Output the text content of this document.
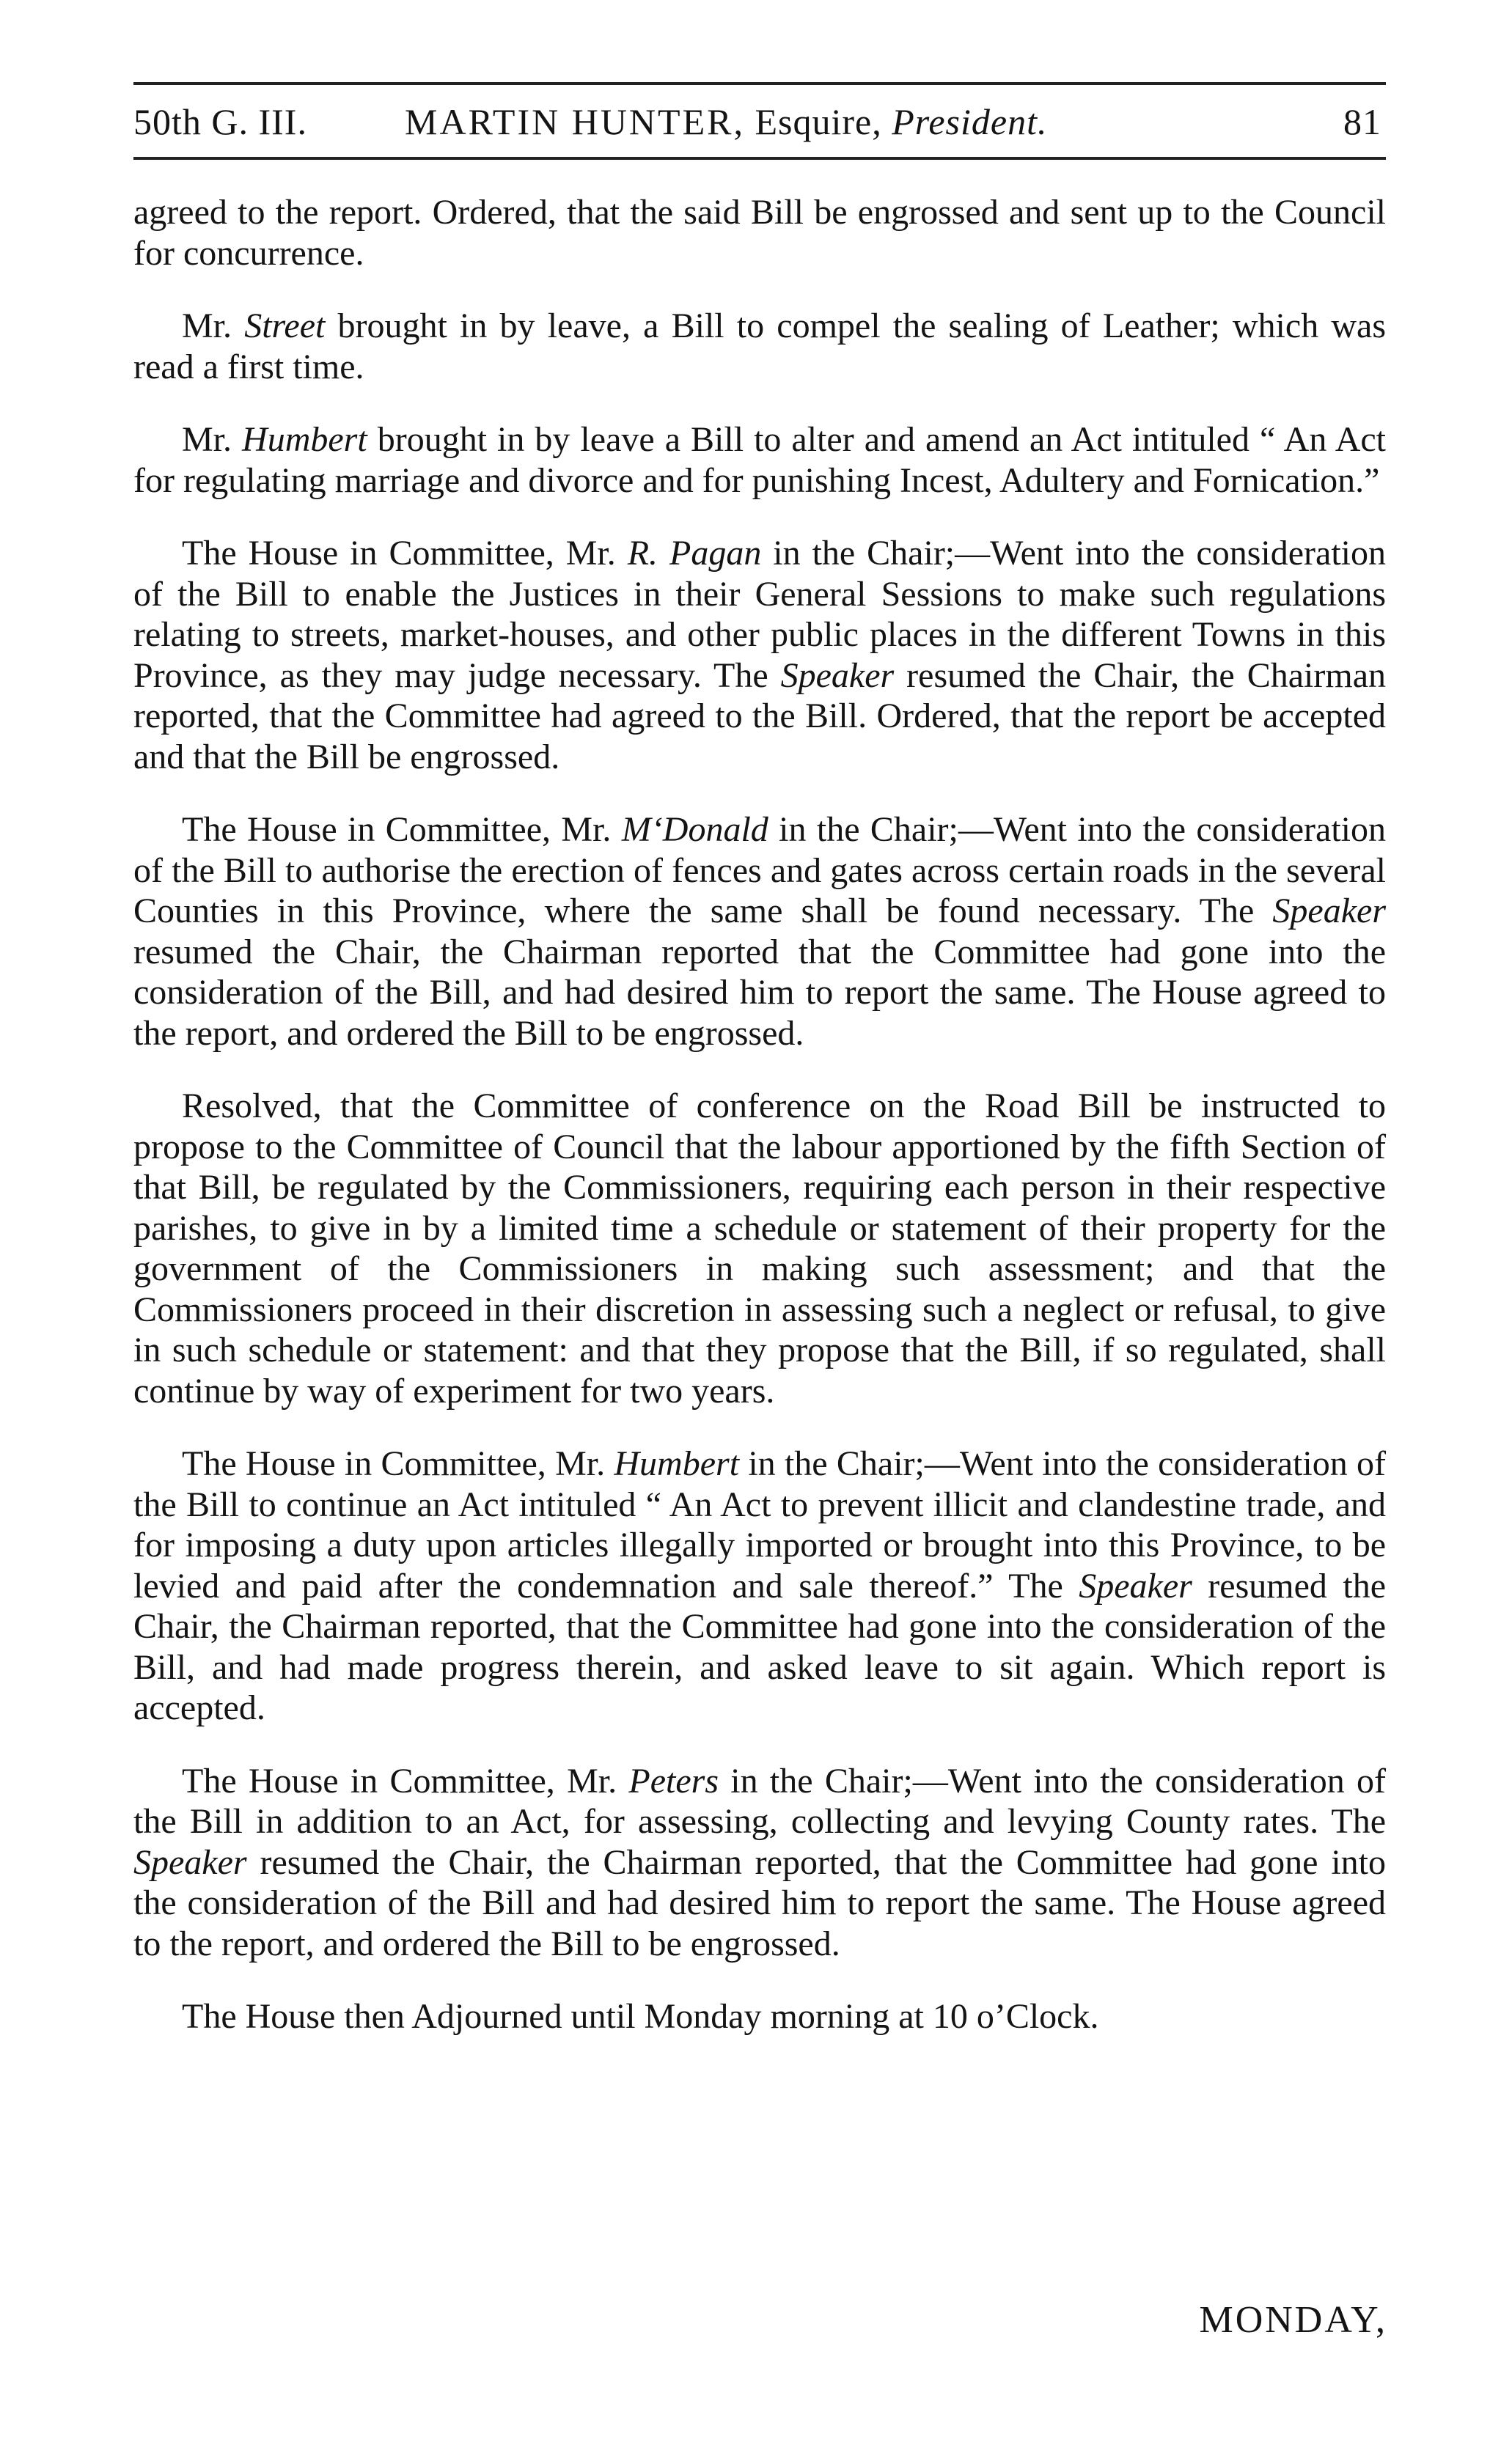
50th G. III.	MARTIN HUNTER, Esquire, President.	81

agreed to the report. Ordered, that the said Bill be engrossed and sent up to the Council for concurrence.

Mr. Street brought in by leave, a Bill to compel the sealing of Leather; which was read a first time.

Mr. Humbert brought in by leave a Bill to alter and amend an Act intituled “ An Act for regulating marriage and divorce and for punishing Incest, Adultery and Fornication.”

The House in Committee, Mr. R. Pagan in the Chair;—Went into the consideration of the Bill to enable the Justices in their General Sessions to make such regulations relating to streets, market-houses, and other public places in the different Towns in this Province, as they may judge necessary. The Speaker resumed the Chair, the Chairman reported, that the Committee had agreed to the Bill. Ordered, that the report be accepted and that the Bill be engrossed.

The House in Committee, Mr. M‘Donald in the Chair;—Went into the consideration of the Bill to authorise the erection of fences and gates across certain roads in the several Counties in this Province, where the same shall be found necessary. The Speaker resumed the Chair, the Chairman reported that the Committee had gone into the consideration of the Bill, and had desired him to report the same. The House agreed to the report, and ordered the Bill to be engrossed.

Resolved, that the Committee of conference on the Road Bill be instructed to propose to the Committee of Council that the labour apportioned by the fifth Section of that Bill, be regulated by the Commissioners, requiring each person in their respective parishes, to give in by a limited time a schedule or statement of their property for the government of the Commissioners in making such assessment; and that the Commissioners proceed in their discretion in assessing such a neglect or refusal, to give in such schedule or statement: and that they propose that the Bill, if so regulated, shall continue by way of experiment for two years.

The House in Committee, Mr. Humbert in the Chair;—Went into the consideration of the Bill to continue an Act intituled “ An Act to prevent illicit and clandestine trade, and for imposing a duty upon articles illegally imported or brought into this Province, to be levied and paid after the condemnation and sale thereof.” The Speaker resumed the Chair, the Chairman reported, that the Committee had gone into the consideration of the Bill, and had made progress therein, and asked leave to sit again. Which report is accepted.

The House in Committee, Mr. Peters in the Chair;—Went into the consideration of the Bill in addition to an Act, for assessing, collecting and levying County rates. The Speaker resumed the Chair, the Chairman reported, that the Committee had gone into the consideration of the Bill and had desired him to report the same. The House agreed to the report, and ordered the Bill to be engrossed.

The House then Adjourned until Monday morning at 10 o’Clock.

MONDAY,
